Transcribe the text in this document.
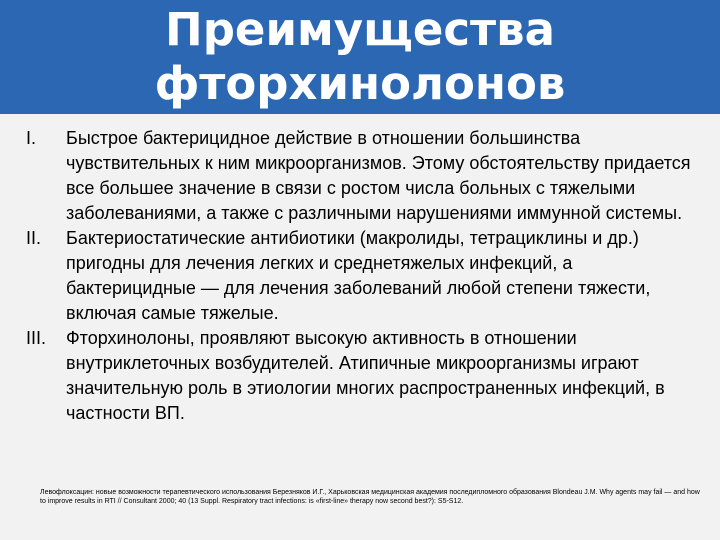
Преимущества
фторхинолонов
I.	Быстрое бактерицидное действие в отношении большинства чувствительных к ним микроорганизмов. Этому обстоятельству придается все большее значение в связи с ростом числа больных с тяжелыми заболеваниями, а также с различными нарушениями иммунной системы.
II.	Бактериостатические антибиотики (макролиды, тетрациклины и др.) пригодны для лечения легких и среднетяжелых инфекций, а бактерицидные — для лечения заболеваний любой степени тяжести, включая самые тяжелые.
III.	Фторхинолоны, проявляют высокую активность в отношении внутриклеточных возбудителей. Атипичные микроорганизмы играют значительную роль в этиологии многих распространенных инфекций, в частности ВП.
Левофлоксацин: новые возможности терапевтического использования Березняков И.Г., Харьковская медицинская академия последипломного образования Blondeau J.M. Why agents may fail — and how to improve results in RTI // Consultant 2000; 40 (13 Suppl. Respiratory tract infections: is «first-line» therapy now second best?): S5-S12.
